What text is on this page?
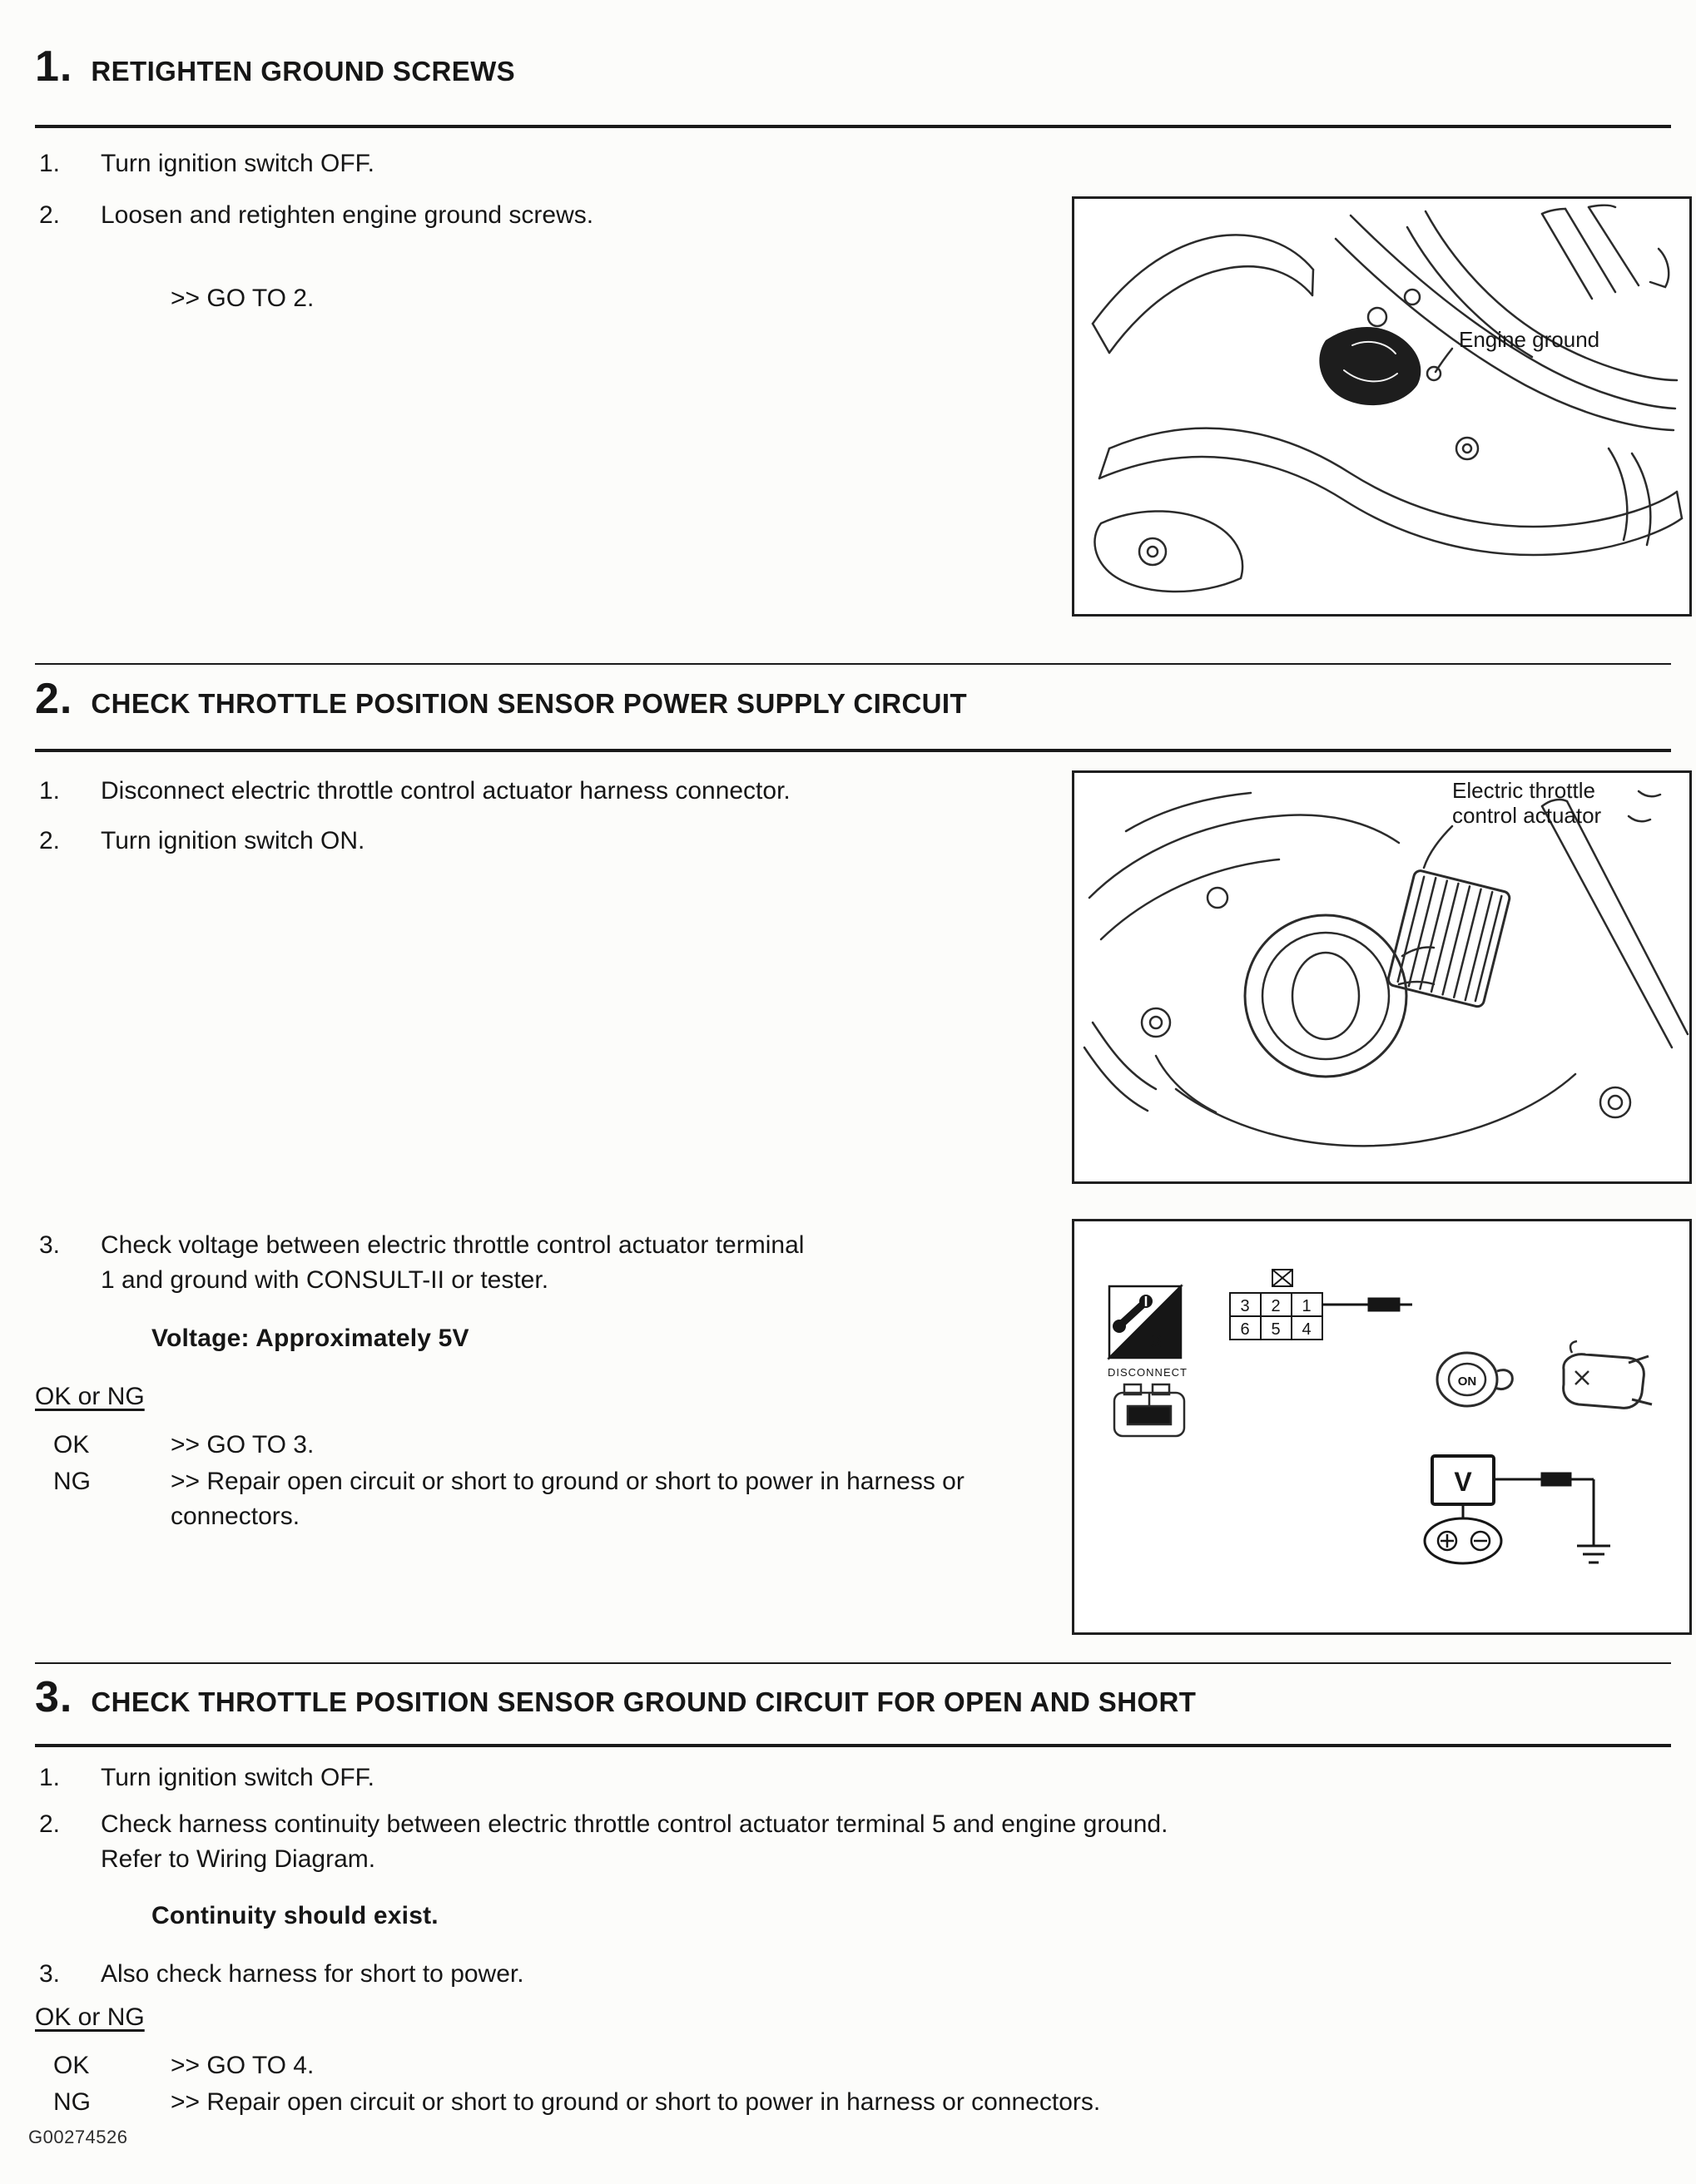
1. RETIGHTEN GROUND SCREWS
1.	Turn ignition switch OFF.
2.	Loosen and retighten engine ground screws.
>> GO TO 2.
Engine ground
2. CHECK THROTTLE POSITION SENSOR POWER SUPPLY CIRCUIT
1.	Disconnect electric throttle control actuator harness connector.
2.	Turn ignition switch ON.
Electric throttle
control actuator
3.	Check voltage between electric throttle control actuator terminal
1 and ground with CONSULT-II or tester.
Voltage: Approximately 5V
OK or NG
OK	>> GO TO 3.
NG	>> Repair open circuit or short to ground or short to power in harness or connectors.
T.S.
DISCONNECT
3 2 1
6 5 4
ON
V
3. CHECK THROTTLE POSITION SENSOR GROUND CIRCUIT FOR OPEN AND SHORT
1.	Turn ignition switch OFF.
2.	Check harness continuity between electric throttle control actuator terminal 5 and engine ground.
Refer to Wiring Diagram.
Continuity should exist.
3.	Also check harness for short to power.
OK or NG
OK	>> GO TO 4.
NG	>> Repair open circuit or short to ground or short to power in harness or connectors.
G00274526
